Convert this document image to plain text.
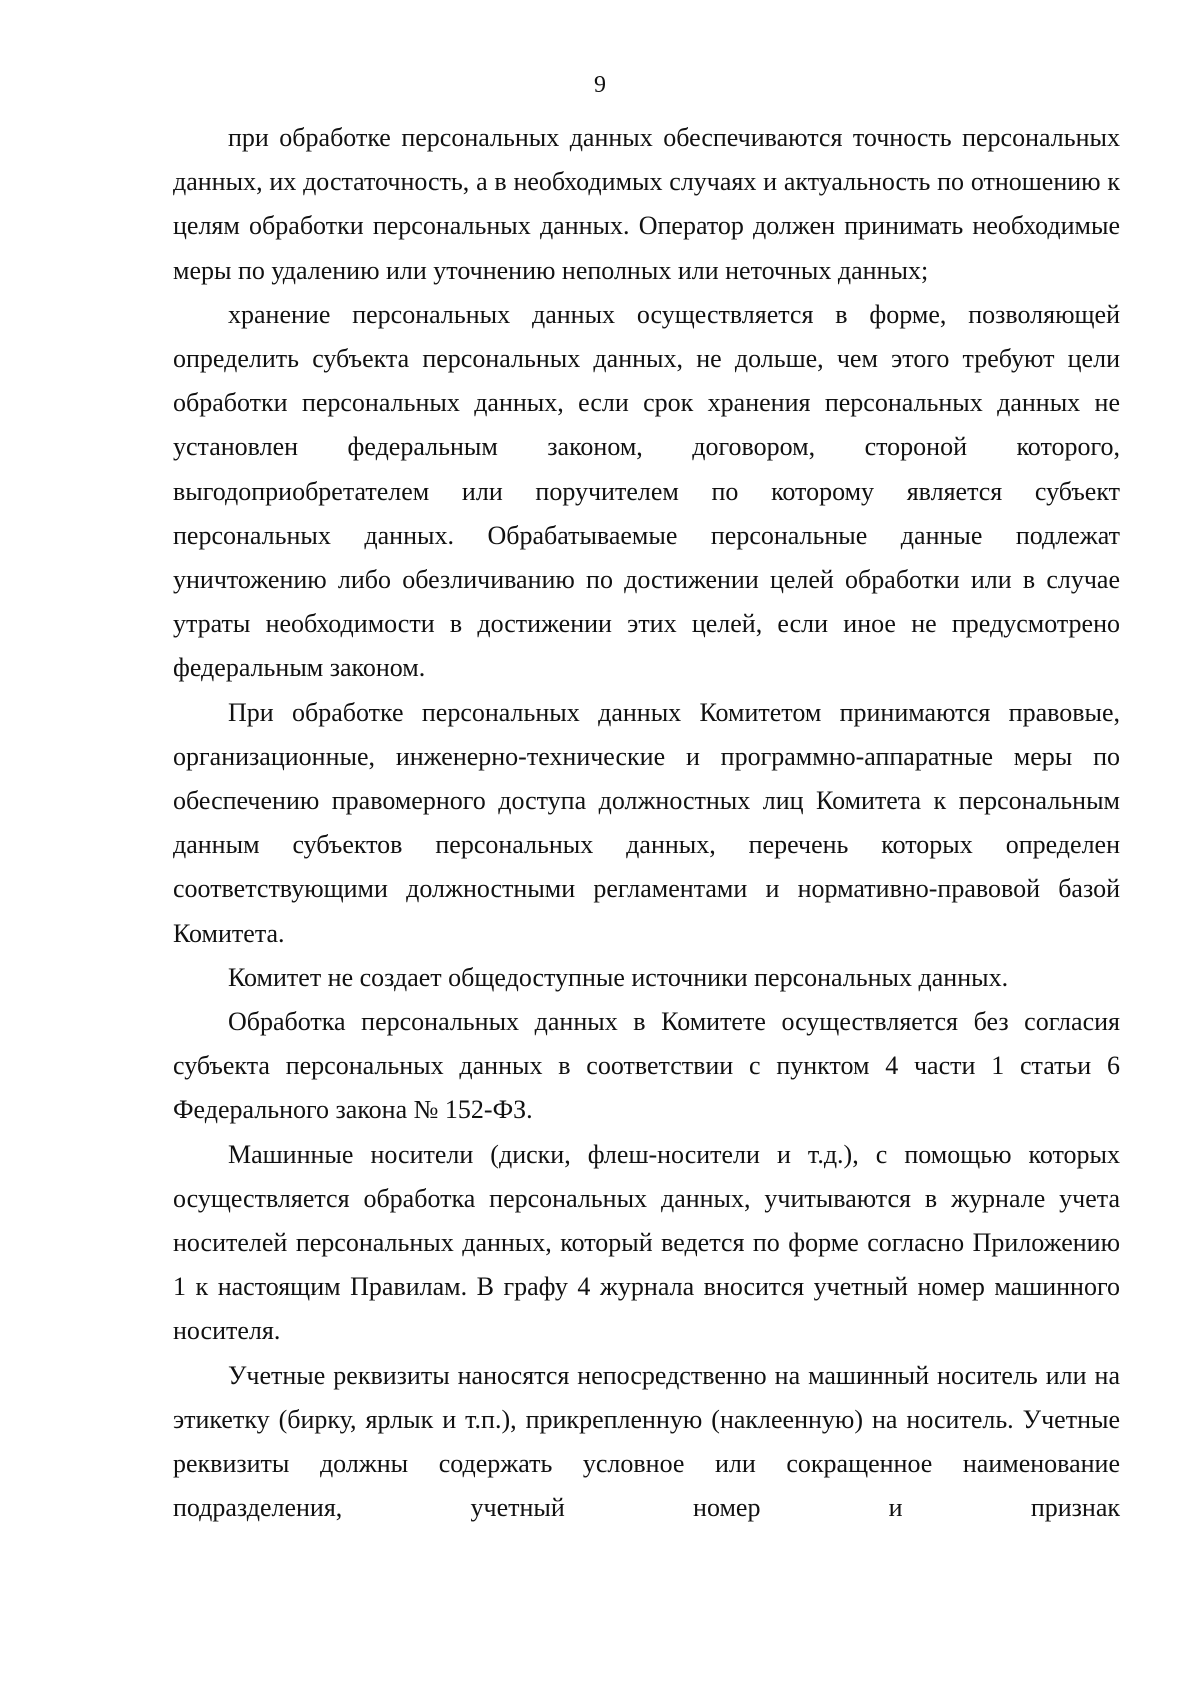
9

при обработке персональных данных обеспечиваются точность персональных данных, их достаточность, а в необходимых случаях и актуальность по отношению к целям обработки персональных данных. Оператор должен принимать необходимые меры по удалению или уточнению неполных или неточных данных;

хранение персональных данных осуществляется в форме, позволяющей определить субъекта персональных данных, не дольше, чем этого требуют цели обработки персональных данных, если срок хранения персональных данных не установлен федеральным законом, договором, стороной которого, выгодоприобретателем или поручителем по которому является субъект персональных данных. Обрабатываемые персональные данные подлежат уничтожению либо обезличиванию по достижении целей обработки или в случае утраты необходимости в достижении этих целей, если иное не предусмотрено федеральным законом.

При обработке персональных данных Комитетом принимаются правовые, организационные, инженерно-технические и программно-аппаратные меры по обеспечению правомерного доступа должностных лиц Комитета к персональным данным субъектов персональных данных, перечень которых определен соответствующими должностными регламентами и нормативно-правовой базой Комитета.

Комитет не создает общедоступные источники персональных данных.

Обработка персональных данных в Комитете осуществляется без согласия субъекта персональных данных в соответствии с пунктом 4 части 1 статьи 6 Федерального закона № 152-ФЗ.

Машинные носители (диски, флеш-носители и т.д.), с помощью которых осуществляется обработка персональных данных, учитываются в журнале учета носителей персональных данных, который ведется по форме согласно Приложению 1 к настоящим Правилам. В графу 4 журнала вносится учетный номер машинного носителя.

Учетные реквизиты наносятся непосредственно на машинный носитель или на этикетку (бирку, ярлык и т.п.), прикрепленную (наклеенную) на носитель. Учетные реквизиты должны содержать условное или сокращенное наименование подразделения, учетный номер и признак
